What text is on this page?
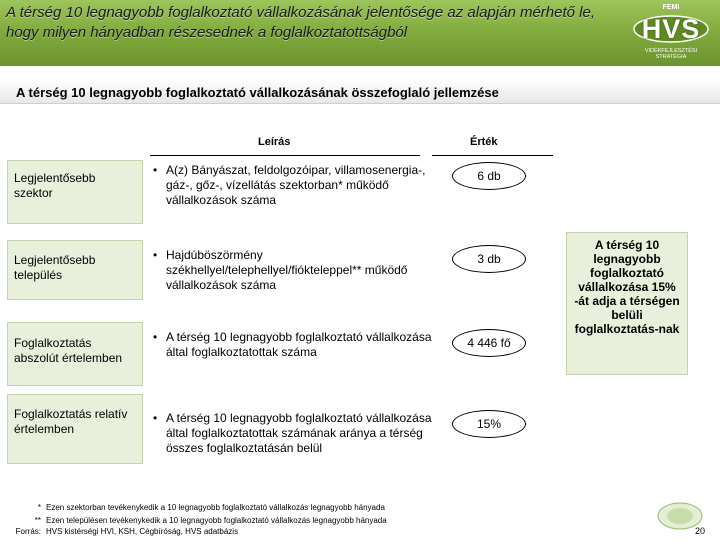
A térség 10 legnagyobb foglalkoztató vállalkozásának jelentősége az alapján mérhető le, hogy milyen hányadban részesednek a foglalkoztatottságból
FEMI
HVS
VIDÉKFEJLESZTÉSI STRATÉGIA
A térség 10 legnagyobb foglalkoztató vállalkozásának összefoglaló jellemzése
Leírás	Érték
Legjelentősebb szektor
• A(z) Bányászat, feldolgozóipar, villamosenergia-, gáz-, gőz-, vízellátás szektorban* működő vállalkozások száma
6 db
Legjelentősebb település
• Hajdúböszörmény székhellyel/telephellyel/fiókteleppel** működő vállalkozások száma
3 db
Foglalkoztatás abszolút értelemben
• A térség 10 legnagyobb foglalkoztató vállalkozása által foglalkoztatottak száma
4 446 fő
Foglalkoztatás relatív értelemben
• A térség 10 legnagyobb foglalkoztató vállalkozása által foglalkoztatottak számának aránya a térség összes foglalkoztatásán belül
15%
A térség 10 legnagyobb foglalkoztató vállalkozása 15% -át adja a térségen belüli foglalkoztatás-nak
* Ezen szektorban tevékenykedik a 10 legnagyobb foglalkoztató vállalkozás legnagyobb hányada
** Ezen településen tevékenykedik a 10 legnagyobb foglalkoztató vállalkozás legnagyobb hányada
Forrás: HVS kistérségi HVI, KSH, Cégbíróság, HVS adatbázis	20
